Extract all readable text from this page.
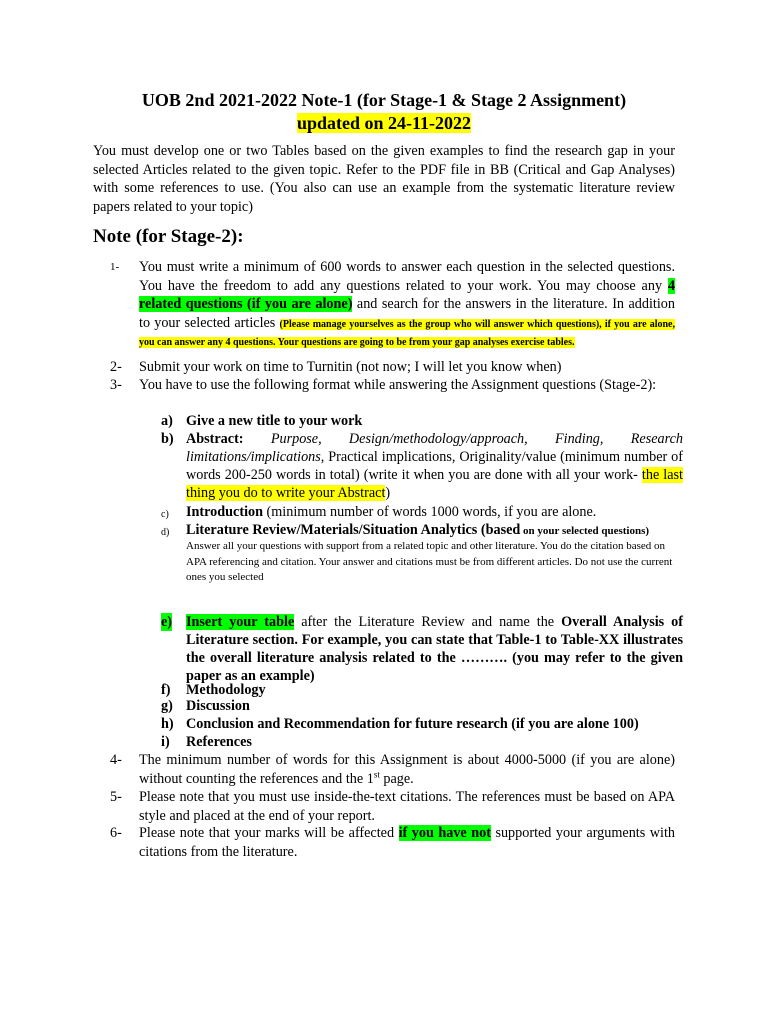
UOB 2nd 2021-2022 Note-1 (for Stage-1 & Stage 2 Assignment)
updated on 24-11-2022
You must develop one or two Tables based on the given examples to find the research gap in your selected Articles related to the given topic. Refer to the PDF file in BB (Critical and Gap Analyses) with some references to use. (You also can use an example from the systematic literature review papers related to your topic)
Note (for Stage-2):
1- You must write a minimum of 600 words to answer each question in the selected questions. You have the freedom to add any questions related to your work. You may choose any 4 related questions (if you are alone) and search for the answers in the literature. In addition to your selected articles (Please manage yourselves as the group who will answer which questions), if you are alone, you can answer any 4 questions. Your questions are going to be from your gap analyses exercise tables.
2- Submit your work on time to Turnitin (not now; I will let you know when)
3- You have to use the following format while answering the Assignment questions (Stage-2):
a) Give a new title to your work
b) Abstract: Purpose, Design/methodology/approach, Finding, Research limitations/implications, Practical implications, Originality/value (minimum number of words 200-250 words in total) (write it when you are done with all your work- the last thing you do to write your Abstract)
c) Introduction (minimum number of words 1000 words, if you are alone.
d) Literature Review/Materials/Situation Analytics (based on your selected questions)
Answer all your questions with support from a related topic and other literature. You do the citation based on APA referencing and citation. Your answer and citations must be from different articles. Do not use the current ones you selected
e) Insert your table after the Literature Review and name the Overall Analysis of Literature section. For example, you can state that Table-1 to Table-XX illustrates the overall literature analysis related to the ………. (you may refer to the given paper as an example)
f) Methodology
g) Discussion
h) Conclusion and Recommendation for future research (if you are alone 100)
i) References
4- The minimum number of words for this Assignment is about 4000-5000 (if you are alone) without counting the references and the 1st page.
5- Please note that you must use inside-the-text citations. The references must be based on APA style and placed at the end of your report.
6- Please note that your marks will be affected if you have not supported your arguments with citations from the literature.
